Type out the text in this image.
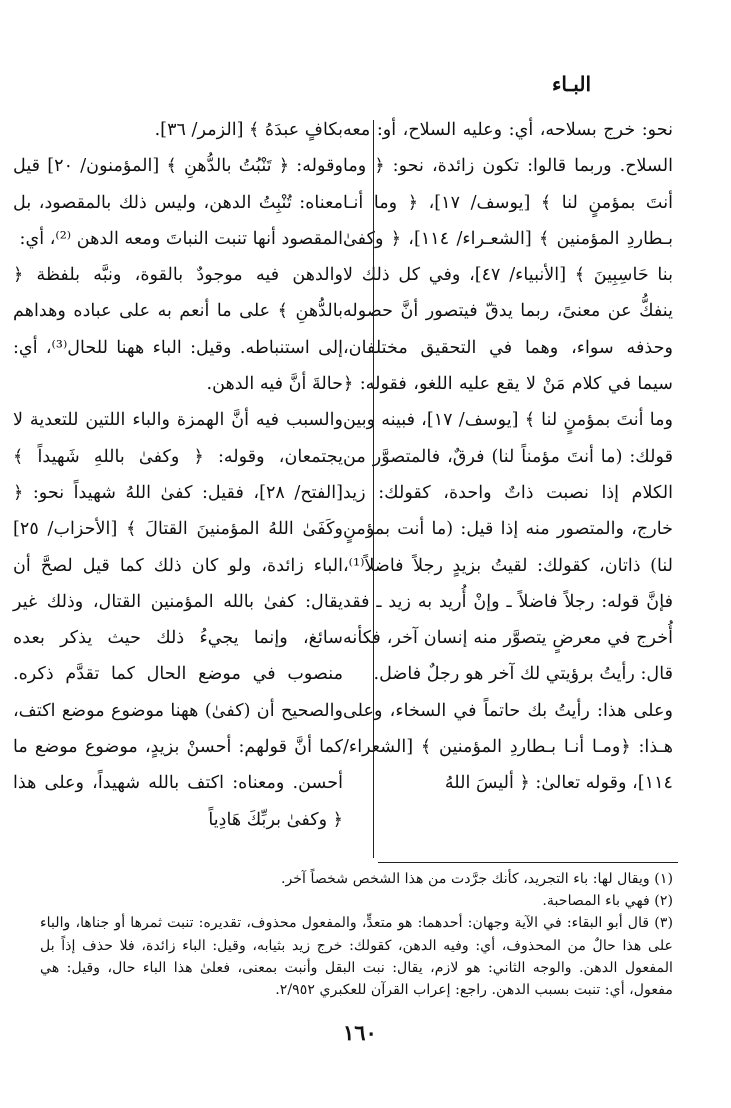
البـاء

نحو: خرج بسلاحه، أي: وعليه السلاح، أو: معه السلاح. وربما قالوا: تكون زائدة، نحو: ﴿ وما أنتَ بمؤمنٍ لنا ﴾ [يوسف/ ١٧]، ﴿ وما أنـا بـطاردِ المؤمنين ﴾ [الشعـراء/ ١١٤]، ﴿ وكفىٰ بنا حَاسِبِينَ ﴾ [الأنبياء/ ٤٧]، وفي كل ذلك لا ينفكُّ عن معنىً، ربما يدقّ فيتصور أنَّ حصوله وحذفه سواء، وهما في التحقيق مختلفان، سيما في كلام مَنْ لا يقع عليه اللغو، فقوله: ﴿ وما أنتَ بمؤمنٍ لنا ﴾ [يوسف/ ١٧]، فبينه وبين قولك: (ما أنتَ مؤمناً لنا) فرقٌ، فالمتصوَّر من الكلام إذا نصبت ذاتٌ واحدة، كقولك: زيد خارج، والمتصور منه إذا قيل: (ما أنت بمؤمنٍ لنا) ذاتان، كقولك: لقيتُ بزيدٍ رجلاً فاضلاً⁽¹⁾، فإنَّ قوله: رجلاً فاضلاً ـ وإنْ أُريد به زيد ـ فقد أُخرج في معرضٍ يتصوَّر منه إنسان آخر، فكأنه قال: رأيتُ برؤيتي لك آخر هو رجلٌ فاضل.

وعلى هذا: رأيتُ بك حاتماً في السخاء، وعلى هـذا: ﴿ومـا أنـا بـطاردِ المؤمنين ﴾ [الشعراء/ ١١٤]، وقوله تعالىٰ: ﴿ أليسَ اللهُ

بكافٍ عبدَهُ ﴾ [الزمر/ ٣٦].

وقوله: ﴿ تَنْبُتُ بالدُّهنِ ﴾ [المؤمنون/ ٢٠] قيل معناه: تُنْبِتُ الدهن، وليس ذلك بالمقصود، بل المقصود أنها تنبت النباتَ ومعه الدهن ⁽²⁾، أي:

والدهن فيه موجودٌ بالقوة، ونبَّه بلفظة ﴿ بالدُّهنِ ﴾ على ما أنعم به على عباده وهداهم إلى استنباطه. وقيل: الباء ههنا للحال⁽³⁾، أي: حالةَ أنَّ فيه الدهن.

والسبب فيه أنَّ الهمزة والباء اللتين للتعدية لا يجتمعان، وقوله: ﴿ وكفىٰ باللهِ شَهيداً ﴾ [الفتح/ ٢٨]، فقيل: كفىٰ اللهُ شهيداً نحو: ﴿ وكَفَىٰ اللهُ المؤمنينَ القتالَ ﴾ [الأحزاب/ ٢٥] الباء زائدة، ولو كان ذلك كما قيل لصحَّ أن يقال: كفىٰ بالله المؤمنين القتال، وذلك غير سائغ، وإنما يجيءُ ذلك حيث يذكر بعده منصوب في موضع الحال كما تقدَّم ذكره. والصحيح أن (كفىٰ) ههنا موضوع موضع اكتف، كما أنَّ قولهم: أحسنْ بزيدٍ، موضوع موضع ما أحسن. ومعناه: اكتف بالله شهيداً، وعلى هذا ﴿ وكفىٰ بربِّكَ هَادِياً

(١) ويقال لها: باء التجريد، كأنك جرَّدت من هذا الشخص شخصاً آخر.

(٢) فهي باء المصاحبة.

(٣) قال أبو البقاء: في الآية وجهان: أحدهما: هو متعدٍّ، والمفعول محذوف، تقديره: تنبت ثمرها أو جناها، والباء على هذا حالٌ من المحذوف، أي: وفيه الدهن، كقولك: خرج زيد بثيابه، وقيل: الباء زائدة، فلا حذف إذاً بل المفعول الدهن. والوجه الثاني: هو لازم، يقال: نبت البقل وأنبت بمعنى، فعلىٰ هذا الباء حال، وقيل: هي مفعول، أي: تنبت بسبب الدهن. راجع: إعراب القرآن للعكبري ٢/٩٥٢.

١٦٠
